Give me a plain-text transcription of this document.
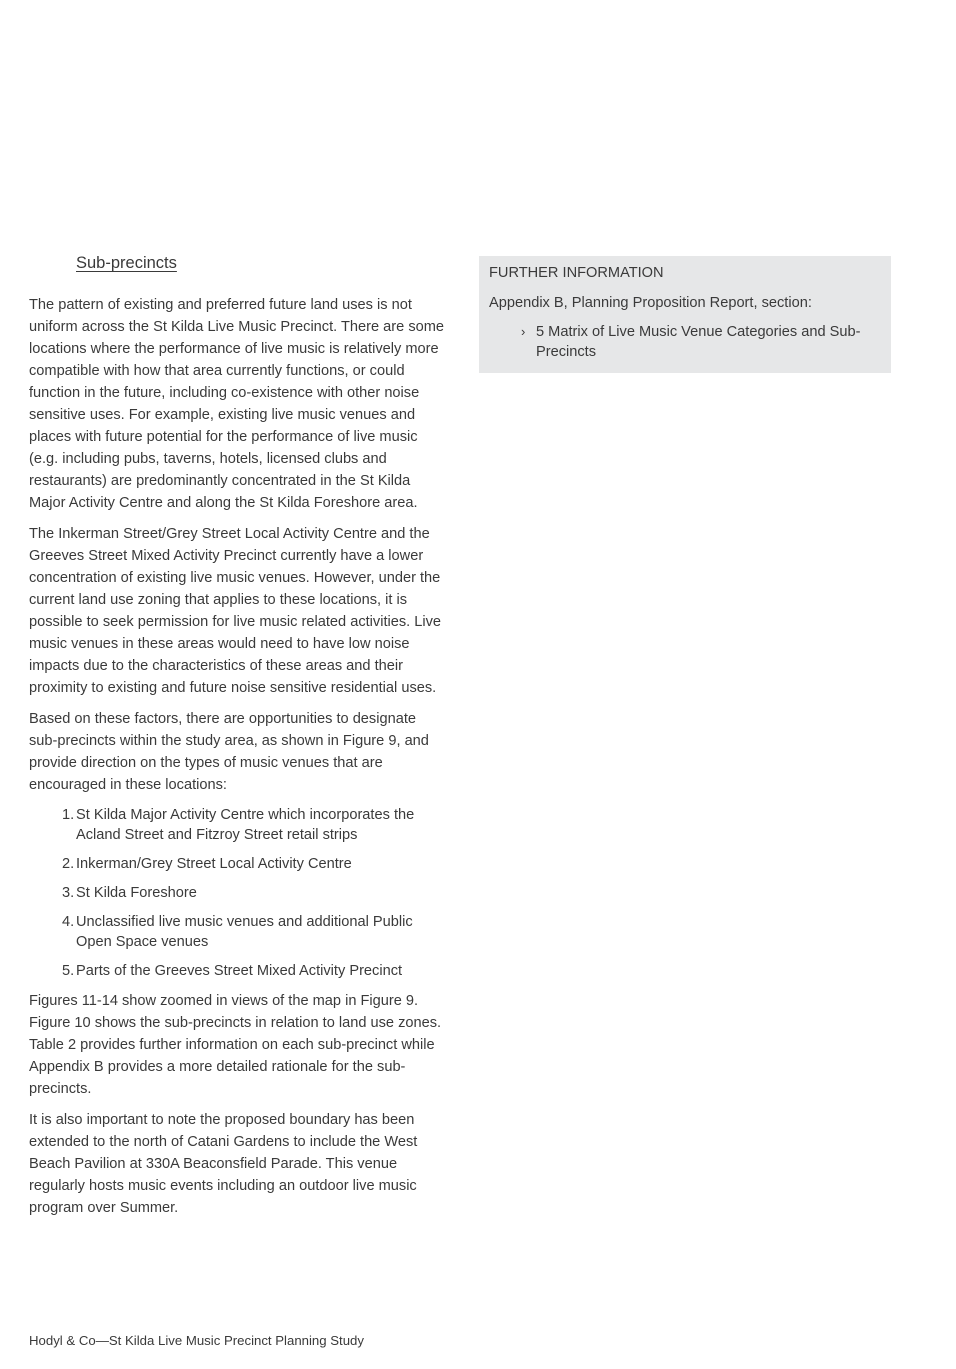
Sub-precincts

The pattern of existing and preferred future land uses is not uniform across the St Kilda Live Music Precinct. There are some locations where the performance of live music is relatively more compatible with how that area currently functions, or could function in the future, including co-existence with other noise sensitive uses. For example, existing live music venues and places with future potential for the performance of live music (e.g. including pubs, taverns, hotels, licensed clubs and restaurants) are predominantly concentrated in the St Kilda Major Activity Centre and along the St Kilda Foreshore area.

The Inkerman Street/Grey Street Local Activity Centre and the Greeves Street Mixed Activity Precinct currently have a lower concentration of existing live music venues. However, under the current land use zoning that applies to these locations, it is possible to seek permission for live music related activities. Live music venues in these areas would need to have low noise impacts due to the characteristics of these areas and their proximity to existing and future noise sensitive residential uses.

Based on these factors, there are opportunities to designate sub-precincts within the study area, as shown in Figure 9, and provide direction on the types of music venues that are encouraged in these locations:

1. St Kilda Major Activity Centre which incorporates the Acland Street and Fitzroy Street retail strips
2. Inkerman/Grey Street Local Activity Centre
3. St Kilda Foreshore
4. Unclassified live music venues and additional Public Open Space venues
5. Parts of the Greeves Street Mixed Activity Precinct

Figures 11-14 show zoomed in views of the map in Figure 9. Figure 10 shows the sub-precincts in relation to land use zones. Table 2 provides further information on each sub-precinct while Appendix B provides a more detailed rationale for the sub-precincts.

It is also important to note the proposed boundary has been extended to the north of Catani Gardens to include the West Beach Pavilion at 330A Beaconsfield Parade. This venue regularly hosts music events including an outdoor live music program over Summer.

FURTHER INFORMATION

Appendix B, Planning Proposition Report, section:

› 5 Matrix of Live Music Venue Categories and Sub-Precincts
Hodyl & Co—St Kilda Live Music Precinct Planning Study
